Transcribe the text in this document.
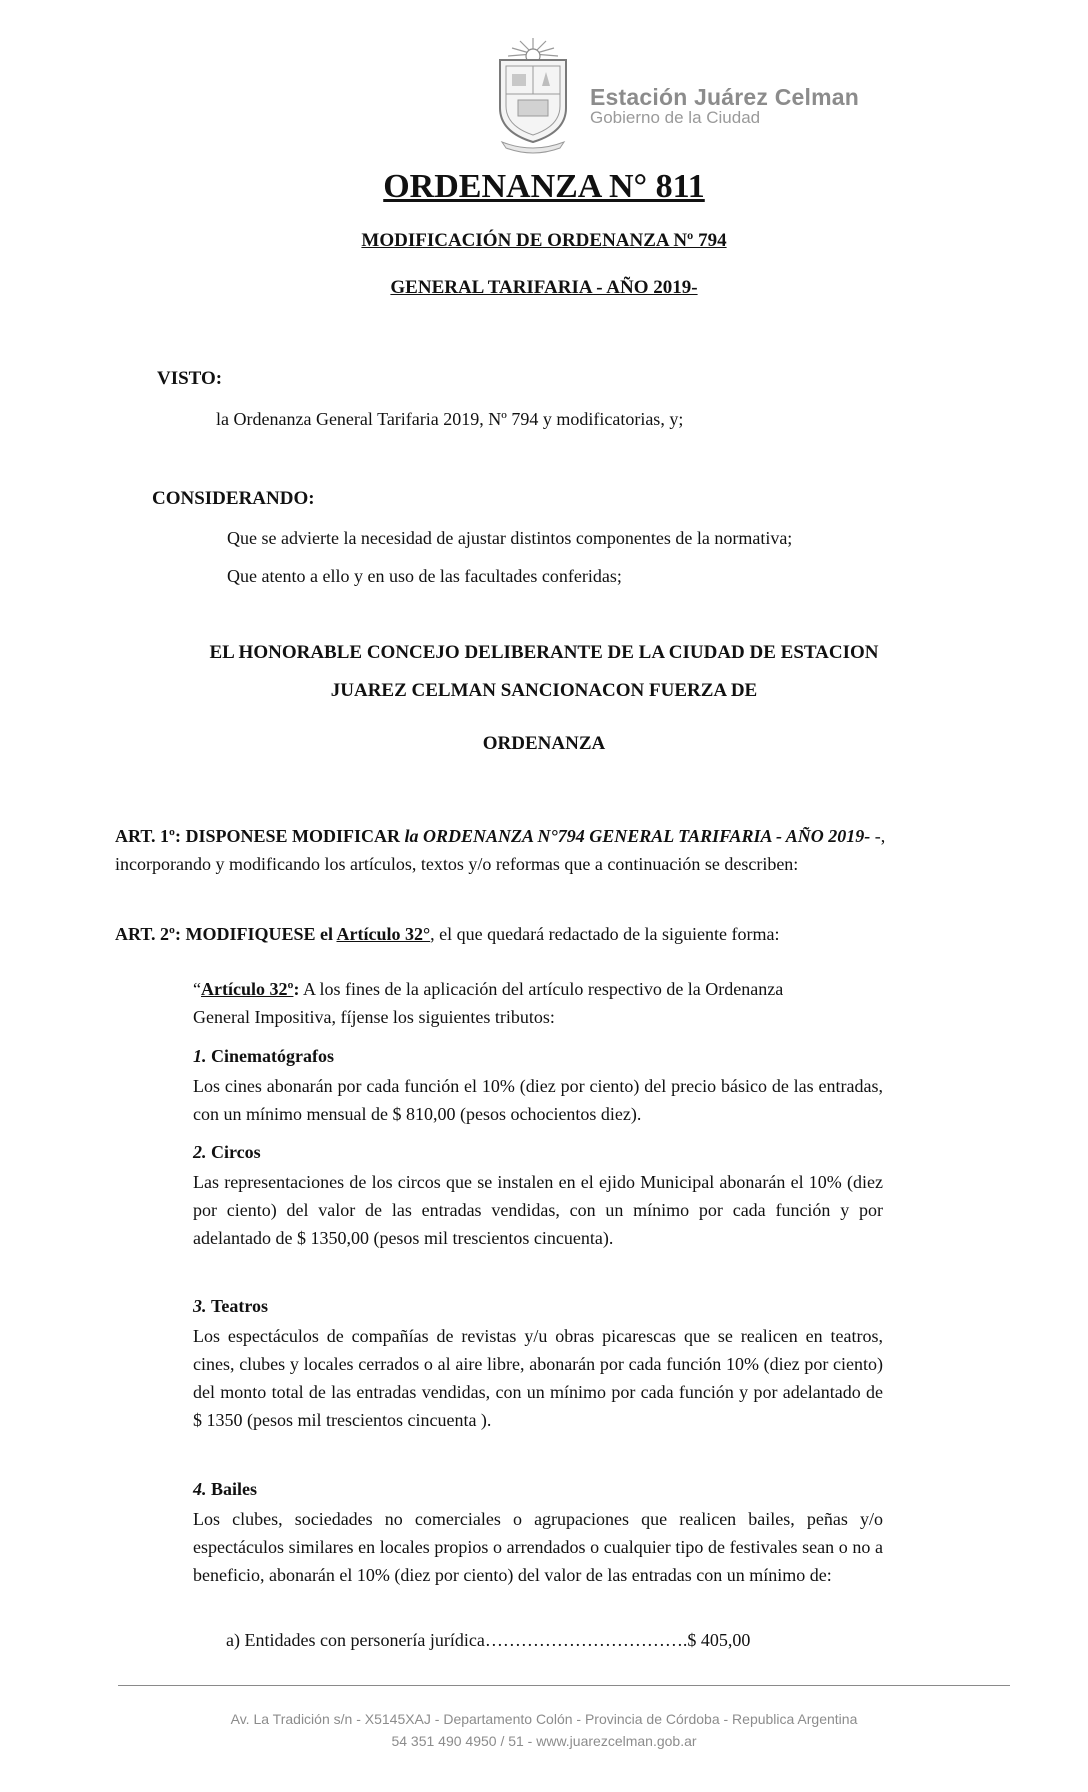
Estación Juárez Celman
Gobierno de la Ciudad
ORDENANZA N° 811
MODIFICACIÓN DE ORDENANZA Nº 794
GENERAL TARIFARIA - AÑO 2019-
VISTO:
la Ordenanza General Tarifaria 2019, Nº 794 y modificatorias, y;
CONSIDERANDO:
Que se advierte la necesidad de ajustar distintos componentes de la normativa;
Que atento a ello y en uso de las facultades conferidas;
EL HONORABLE CONCEJO DELIBERANTE DE LA CIUDAD DE ESTACION
JUAREZ CELMAN SANCIONACON FUERZA DE
ORDENANZA
ART. 1º: DISPONESE MODIFICAR la ORDENANZA N°794 GENERAL TARIFARIA - AÑO 2019- -, incorporando y modificando los artículos, textos y/o reformas que a continuación se describen:
ART. 2º: MODIFIQUESE el Artículo 32°, el que quedará redactado de la siguiente forma:
“Artículo 32º: A los fines de la aplicación del artículo respectivo de la Ordenanza General Impositiva, fíjense los siguientes tributos:
1. Cinematógrafos
Los cines abonarán por cada función el 10% (diez por ciento) del precio básico de las entradas, con un mínimo mensual de $ 810,00 (pesos ochocientos diez).
2. Circos
Las representaciones de los circos que se instalen en el ejido Municipal abonarán el 10% (diez por ciento) del valor de las entradas vendidas, con un mínimo por cada función y por adelantado de $ 1350,00 (pesos mil trescientos cincuenta).
3. Teatros
Los espectáculos de compañías de revistas y/u obras picarescas que se realicen en teatros, cines, clubes y locales cerrados o al aire libre, abonarán por cada función 10% (diez por ciento) del monto total de las entradas vendidas, con un mínimo por cada función y por adelantado de $ 1350 (pesos mil trescientos cincuenta ).
4. Bailes
Los clubes, sociedades no comerciales o agrupaciones que realicen bailes, peñas y/o espectáculos similares en locales propios o arrendados o cualquier tipo de festivales sean o no a beneficio, abonarán el 10% (diez por ciento) del valor de las entradas con un mínimo de:
a) Entidades con personería jurídica…………………………….$ 405,00
Av. La Tradición s/n - X5145XAJ - Departamento Colón - Provincia de Córdoba - Republica Argentina
54 351 490 4950 / 51 - www.juarezcelman.gob.ar
